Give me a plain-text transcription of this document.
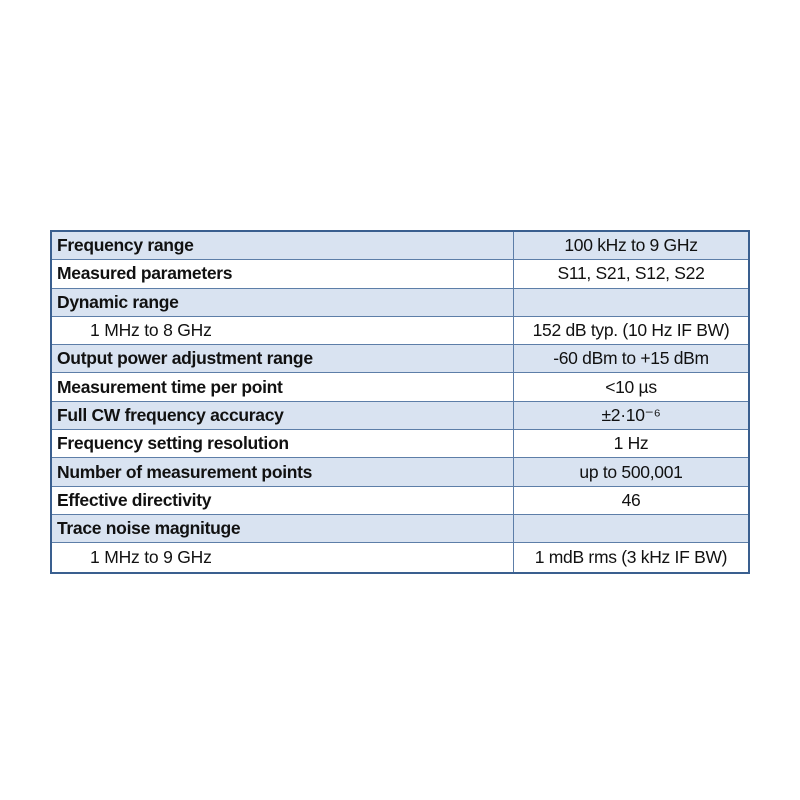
Frequency range	100 kHz to 9 GHz
Measured parameters	S11, S21, S12, S22
Dynamic range
1 MHz to 8 GHz	152 dB typ. (10 Hz IF BW)
Output power adjustment range	-60 dBm to +15 dBm
Measurement time per point	<10 µs
Full CW frequency accuracy	±2·10⁻⁶
Frequency setting resolution	1 Hz
Number of measurement points	up to 500,001
Effective directivity	46
Trace noise magnituge
1 MHz to 9 GHz	1 mdB rms (3 kHz IF BW)
